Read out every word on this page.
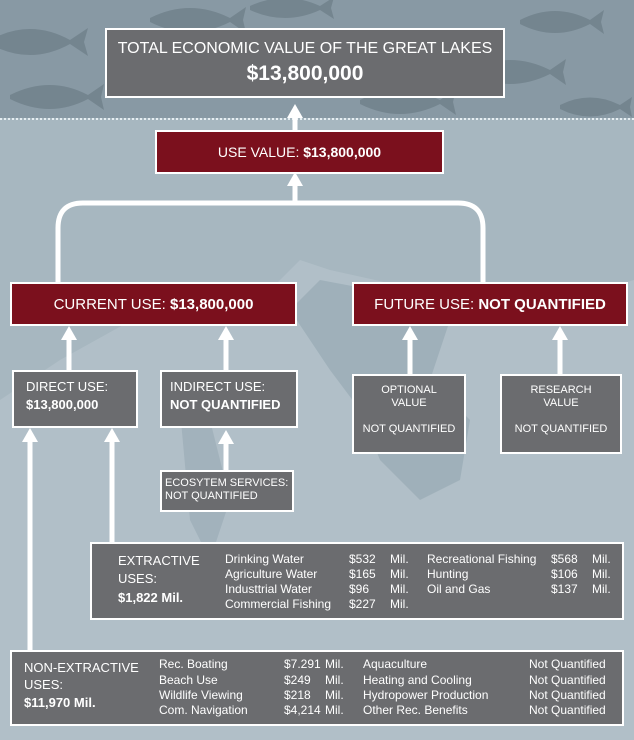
TOTAL ECONOMIC VALUE OF THE GREAT LAKES
$13,800,000
USE VALUE:
$13,800,000
CURRENT USE:
$13,800,000	FUTURE USE:
NOT QUANTIFIED
DIRECT USE:
$13,800,000
INDIRECT USE:
NOT QUANTIFIED
OPTIONAL
VALUE
NOT QUANTIFIED
RESEARCH
VALUE
NOT QUANTIFIED
ECOSYTEM SERVICES:
NOT QUANTIFIED
EXTRACTIVE
USES:
$1,822 Mil.
Drinking Water	$532 Mil.
Agriculture Water	$165 Mil.
Industtrial Water	$96 Mil.
Commercial Fishing $227 Mil.
Recreational Fishing $568 Mil.
Hunting	$106 Mil.
Oil and Gas	$137 Mil.
NON-EXTRACTIVE
USES:
$11,970 Mil.
Rec. Boating	$7.291 Mil.
Beach Use	$249 Mil.
Wildlife Viewing	$218 Mil.
Com. Navigation	$4,214 Mil.
Aquaculture	Not Quantified
Heating and Cooling	Not Quantified
Hydropower Production	Not Quantified
Other Rec. Benefits	Not Quantified
